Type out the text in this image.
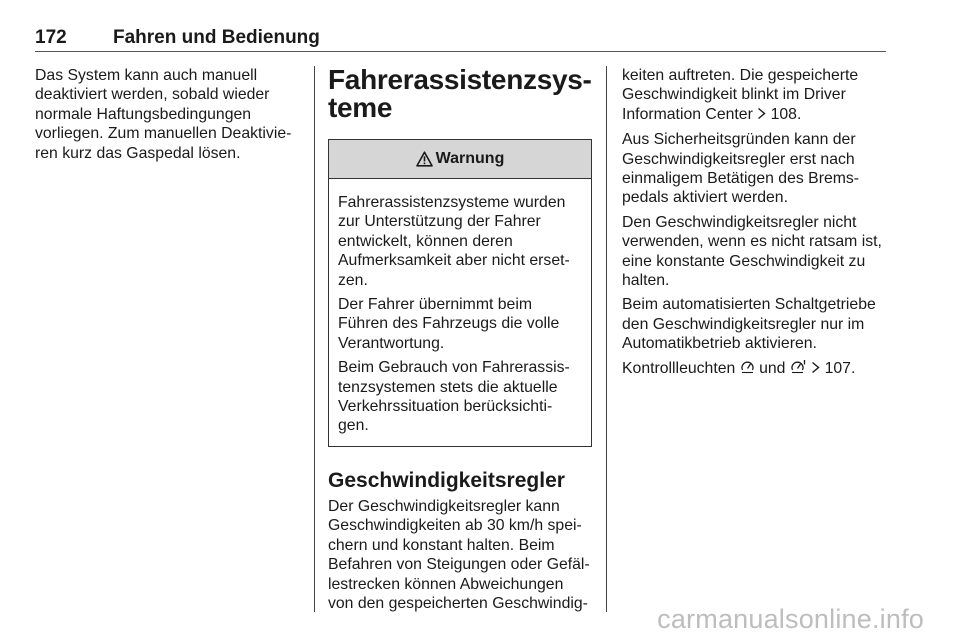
172 Fahren und Bedienung

Das System kann auch manuell
deaktiviert werden, sobald wieder
normale Haftungsbedingungen
vorliegen. Zum manuellen Deaktivie-
ren kurz das Gaspedal lösen.

Fahrerassistenzsys-
teme
Warnung

Fahrerassistenzsysteme wurden
zur Unterstützung der Fahrer
entwickelt, können deren
Aufmerksamkeit aber nicht erset-
zen.

Der Fahrer übernimmt beim
Führen des Fahrzeugs die volle
Verantwortung.

Beim Gebrauch von Fahrerassis-
tenzsystemen stets die aktuelle
Verkehrssituation berücksichti-
gen.

Geschwindigkeitsregler

Der Geschwindigkeitsregler kann
Geschwindigkeiten ab 30 km/h spei-
chern und konstant halten. Beim
Befahren von Steigungen oder Gefäl-
lestrecken können Abweichungen
von den gespeicherten Geschwindig-

keiten auftreten. Die gespeicherte
Geschwindigkeit blinkt im Driver
Information Center 108.

Aus Sicherheitsgründen kann der
Geschwindigkeitsregler erst nach
einmaligem Betätigen des Brems-
pedals aktiviert werden.

Den Geschwindigkeitsregler nicht
verwenden, wenn es nicht ratsam ist,
eine konstante Geschwindigkeit zu
halten.

Beim automatisierten Schaltgetriebe
den Geschwindigkeitsregler nur im
Automatikbetrieb aktivieren.

Kontrollleuchten und 107.

carmanualsonline.info
